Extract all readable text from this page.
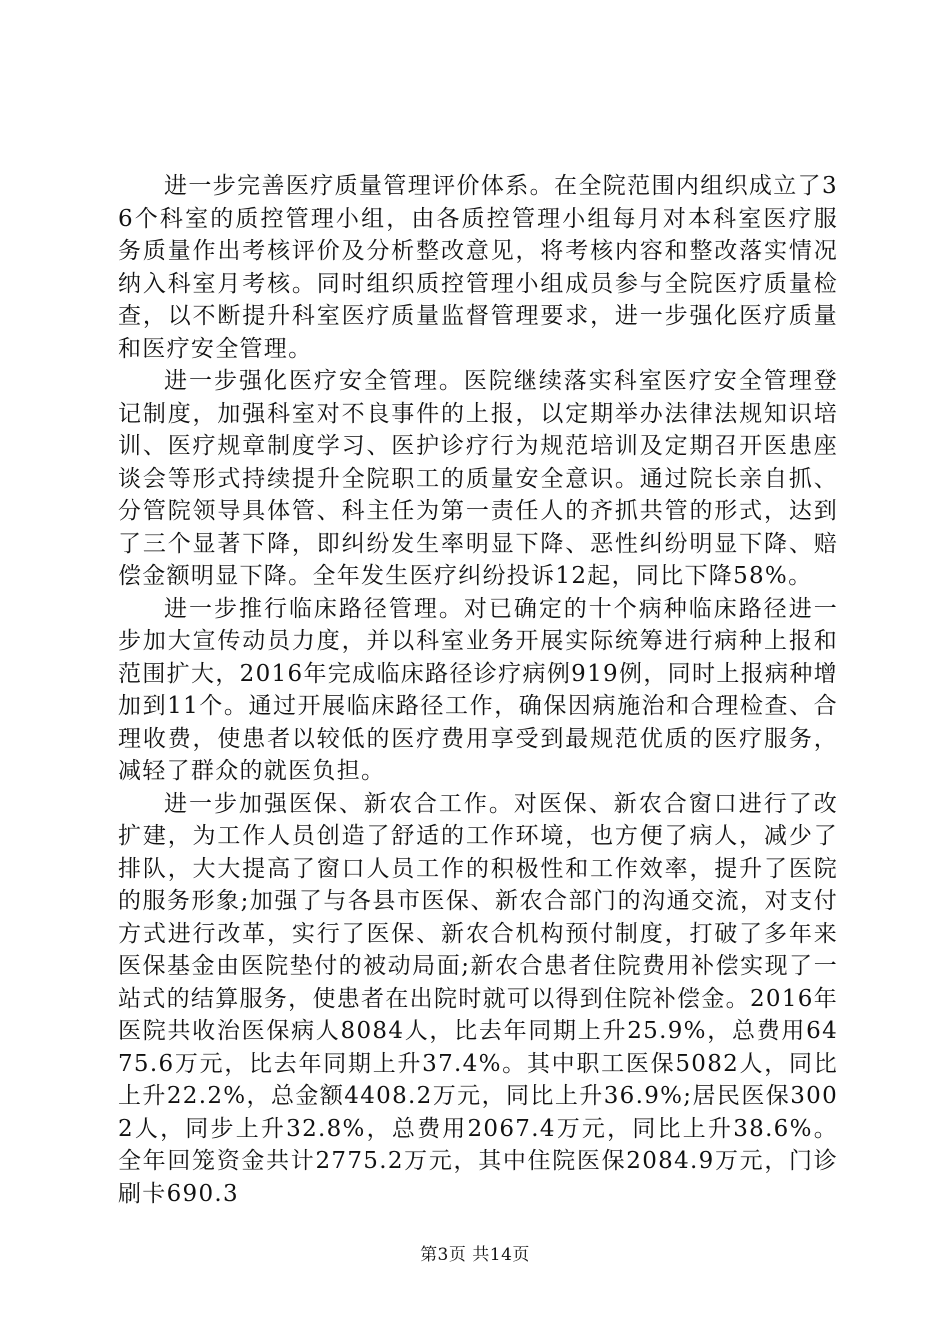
进一步完善医疗质量管理评价体系。在全院范围内组织成立了36个科室的质控管理小组，由各质控管理小组每月对本科室医疗服务质量作出考核评价及分析整改意见，将考核内容和整改落实情况纳入科室月考核。同时组织质控管理小组成员参与全院医疗质量检查，以不断提升科室医疗质量监督管理要求，进一步强化医疗质量和医疗安全管理。

进一步强化医疗安全管理。医院继续落实科室医疗安全管理登记制度，加强科室对不良事件的上报，以定期举办法律法规知识培训、医疗规章制度学习、医护诊疗行为规范培训及定期召开医患座谈会等形式持续提升全院职工的质量安全意识。通过院长亲自抓、分管院领导具体管、科主任为第一责任人的齐抓共管的形式，达到了三个显著下降，即纠纷发生率明显下降、恶性纠纷明显下降、赔偿金额明显下降。全年发生医疗纠纷投诉12起，同比下降58%。

进一步推行临床路径管理。对已确定的十个病种临床路径进一步加大宣传动员力度，并以科室业务开展实际统筹进行病种上报和范围扩大，2016年完成临床路径诊疗病例919例，同时上报病种增加到11个。通过开展临床路径工作，确保因病施治和合理检查、合理收费，使患者以较低的医疗费用享受到最规范优质的医疗服务，减轻了群众的就医负担。

进一步加强医保、新农合工作。对医保、新农合窗口进行了改扩建，为工作人员创造了舒适的工作环境，也方便了病人，减少了排队，大大提高了窗口人员工作的积极性和工作效率，提升了医院的服务形象;加强了与各县市医保、新农合部门的沟通交流，对支付方式进行改革，实行了医保、新农合机构预付制度，打破了多年来医保基金由医院垫付的被动局面;新农合患者住院费用补偿实现了一站式的结算服务，使患者在出院时就可以得到住院补偿金。2016年医院共收治医保病人8084人，比去年同期上升25.9%，总费用6475.6万元，比去年同期上升37.4%。其中职工医保5082人，同比上升22.2%，总金额4408.2万元，同比上升36.9%;居民医保3002人，同步上升32.8%，总费用2067.4万元，同比上升38.6%。全年回笼资金共计2775.2万元，其中住院医保2084.9万元，门诊刷卡690.3

第3页 共14页
